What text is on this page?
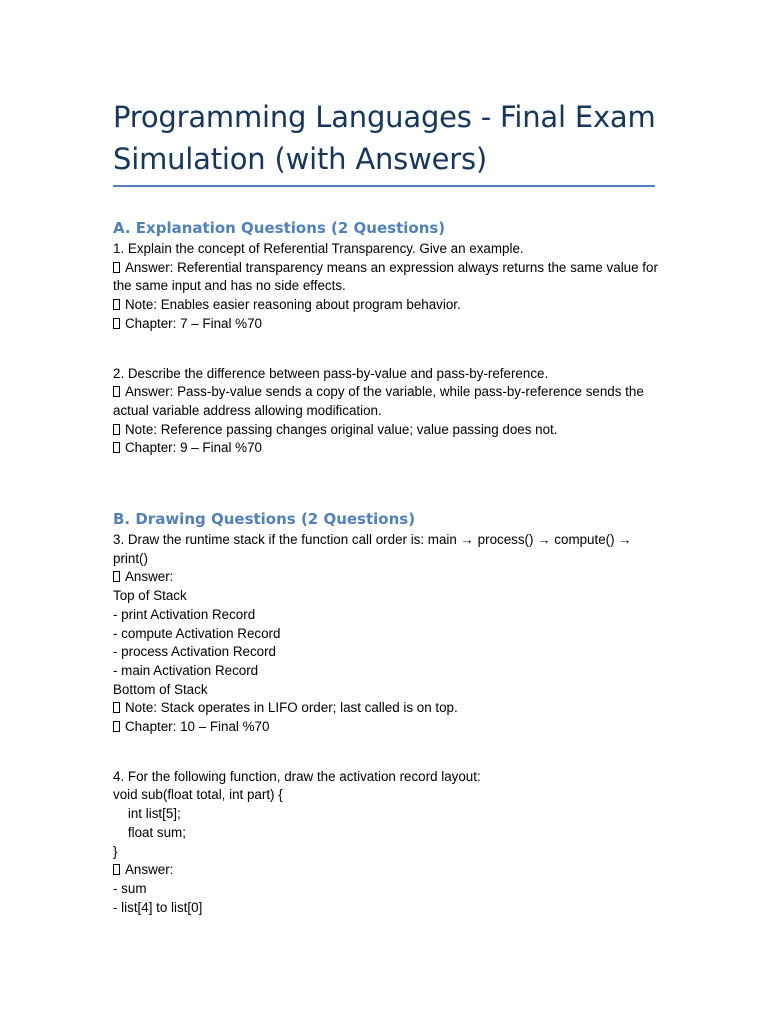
Programming Languages - Final Exam Simulation (with Answers)

A. Explanation Questions (2 Questions)

1. Explain the concept of Referential Transparency. Give an example.

Answer: Referential transparency means an expression always returns the same value for the same input and has no side effects.

Note: Enables easier reasoning about program behavior.

Chapter: 7 – Final %70

2. Describe the difference between pass-by-value and pass-by-reference.

Answer: Pass-by-value sends a copy of the variable, while pass-by-reference sends the actual variable address allowing modification.

Note: Reference passing changes original value; value passing does not.

Chapter: 9 – Final %70

B. Drawing Questions (2 Questions)

3. Draw the runtime stack if the function call order is: main → process() → compute() → print()

Answer:

Top of Stack

- print Activation Record

- compute Activation Record

- process Activation Record

- main Activation Record

Bottom of Stack

Note: Stack operates in LIFO order; last called is on top.

Chapter: 10 – Final %70

4. For the following function, draw the activation record layout:

void sub(float total, int part) {

int list[5];

float sum;

}

Answer:

- sum

- list[4] to list[0]
